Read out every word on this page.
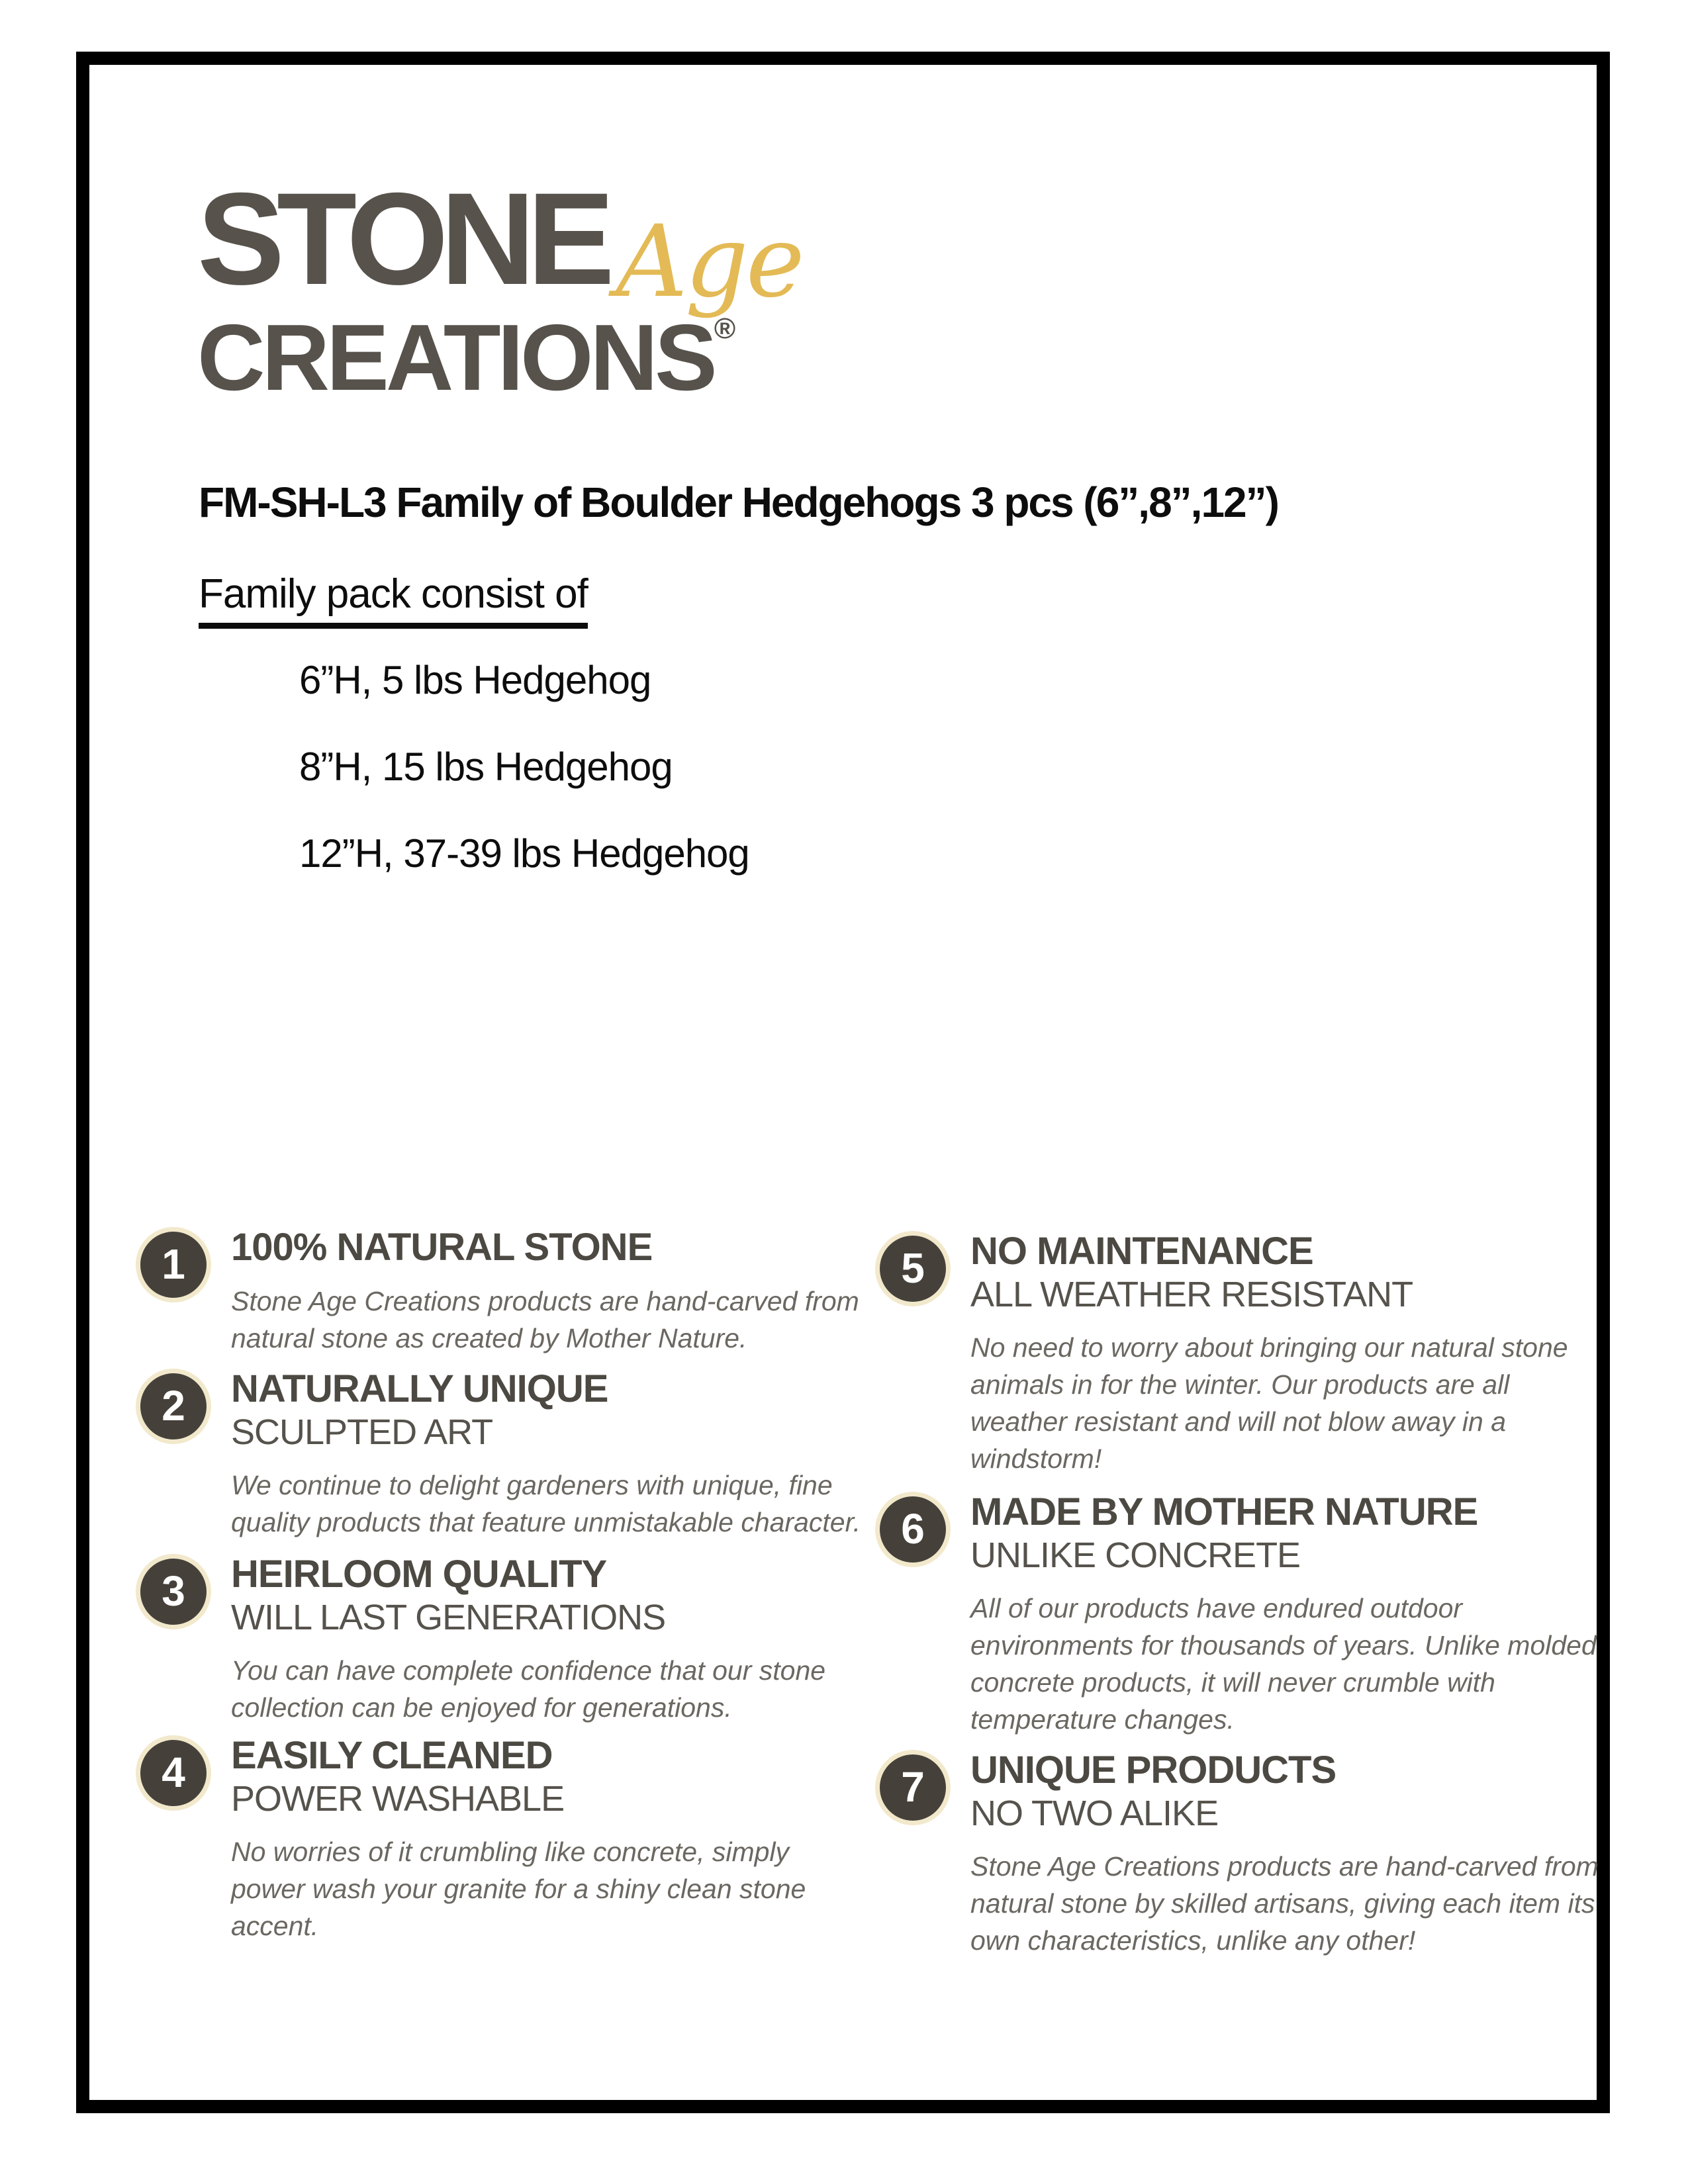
STONEAge
CREATIONS®
FM-SH-L3 Family of Boulder Hedgehogs 3 pcs (6”,8”,12”)
Family pack consist of
6”H, 5 lbs Hedgehog
8”H, 15 lbs Hedgehog
12”H, 37-39 lbs Hedgehog
1 100% NATURAL STONE
Stone Age Creations products are hand-carved from natural stone as created by Mother Nature.
2 NATURALLY UNIQUE
SCULPTED ART
We continue to delight gardeners with unique, fine quality products that feature unmistakable character.
3 HEIRLOOM QUALITY
WILL LAST GENERATIONS
You can have complete confidence that our stone collection can be enjoyed for generations.
4 EASILY CLEANED
POWER WASHABLE
No worries of it crumbling like concrete, simply power wash your granite for a shiny clean stone accent.
5 NO MAINTENANCE
ALL WEATHER RESISTANT
No need to worry about bringing our natural stone animals in for the winter. Our products are all weather resistant and will not blow away in a windstorm!
6 MADE BY MOTHER NATURE
UNLIKE CONCRETE
All of our products have endured outdoor environments for thousands of years. Unlike molded concrete products, it will never crumble with temperature changes.
7 UNIQUE PRODUCTS
NO TWO ALIKE
Stone Age Creations products are hand-carved from natural stone by skilled artisans, giving each item its own characteristics, unlike any other!
